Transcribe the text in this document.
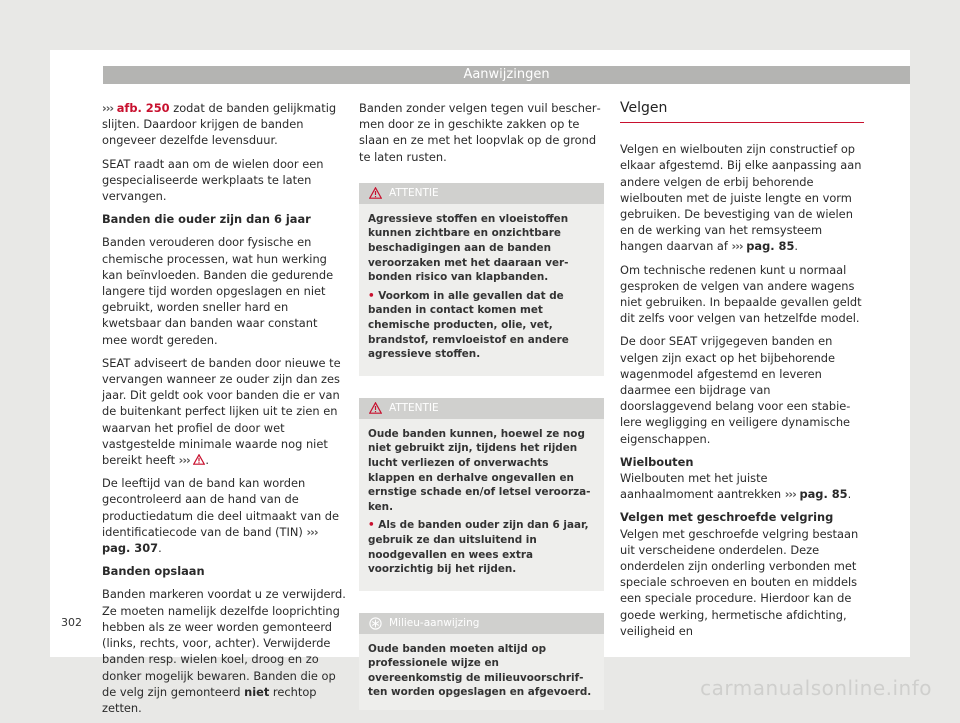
Aanwijzingen

››› afb. 250 zodat de banden gelijkmatig slijten. Daardoor krijgen de banden ongeveer dezelfde levensduur.

SEAT raadt aan om de wielen door een gespecialiseerde werkplaats te laten vervangen.

Banden die ouder zijn dan 6 jaar

Banden verouderen door fysische en chemische processen, wat hun werking kan beïnvloeden. Banden die gedurende langere tijd worden opgeslagen en niet gebruikt, worden sneller hard en kwetsbaar dan banden waar constant mee wordt gereden.

SEAT adviseert de banden door nieuwe te vervangen wanneer ze ouder zijn dan zes jaar. Dit geldt ook voor banden die er van de buitenkant perfect lijken uit te zien en waarvan het profiel de door wet vastgestelde minimale waarde nog niet bereikt heeft ››› .

De leeftijd van de band kan worden gecontroleerd aan de hand van de productiedatum die deel uitmaakt van de identificatiecode van de band (TIN) ››› pag. 307.

Banden opslaan

Banden markeren voordat u ze verwijderd. Ze moeten namelijk dezelfde looprichting hebben als ze weer worden gemonteerd (links, rechts, voor, achter). Verwijderde banden resp. wielen koel, droog en zo donker mogelijk bewaren. Banden die op de velg zijn gemonteerd niet rechtop zetten.

Banden zonder velgen tegen vuil beschermen door ze in geschikte zakken op te slaan en ze met het loopvlak op de grond te laten rusten.

ATTENTIE

Agressieve stoffen en vloeistoffen kunnen zichtbare en onzichtbare beschadigingen aan de banden veroorzaken met het daaraan verbonden risico van klapbanden.

• Voorkom in alle gevallen dat de banden in contact komen met chemische producten, olie, vet, brandstof, remvloeistof en andere agressieve stoffen.

ATTENTIE

Oude banden kunnen, hoewel ze nog niet gebruikt zijn, tijdens het rijden lucht verliezen of onverwachts klappen en derhalve ongevallen en ernstige schade en/of letsel veroorzaken.

• Als de banden ouder zijn dan 6 jaar, gebruik ze dan uitsluitend in noodgevallen en wees extra voorzichtig bij het rijden.

Milieu-aanwijzing

Oude banden moeten altijd op professionele wijze en overeenkomstig de milieuvoorschriften worden opgeslagen en afgevoerd.

Velgen

Velgen en wielbouten zijn constructief op elkaar afgestemd. Bij elke aanpassing aan andere velgen de erbij behorende wielbouten met de juiste lengte en vorm gebruiken. De bevestiging van de wielen en de werking van het remsysteem hangen daarvan af ››› pag. 85.

Om technische redenen kunt u normaal gesproken de velgen van andere wagens niet gebruiken. In bepaalde gevallen geldt dit zelfs voor velgen van hetzelfde model.

De door SEAT vrijgegeven banden en velgen zijn exact op het bijbehorende wagenmodel afgestemd en leveren daarmee een bijdrage van doorslaggevend belang voor een stabielere wegligging en veiligere dynamische eigenschappen.

Wielbouten

Wielbouten met het juiste aanhaalmoment aantrekken ››› pag. 85.

Velgen met geschroefde velgring

Velgen met geschroefde velgring bestaan uit verscheidene onderdelen. Deze onderdelen zijn onderling verbonden met speciale schroeven en bouten en middels een speciale procedure. Hierdoor kan de goede werking, hermetische afdichting, veiligheid en

302
carmanualsonline.info
